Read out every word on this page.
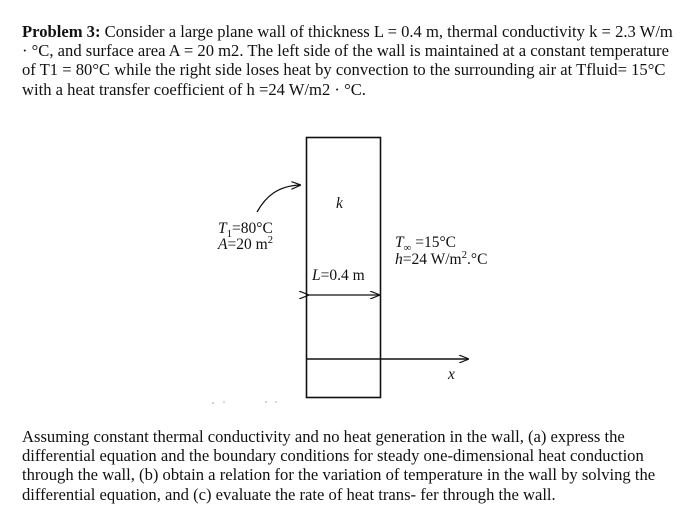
Problem 3: Consider a large plane wall of thickness L = 0.4 m, thermal conductivity k = 2.3 W/m · °C, and surface area A = 20 m2. The left side of the wall is maintained at a constant temperature of T1 = 80°C while the right side loses heat by convection to the surrounding air at Tfluid= 15°C with a heat transfer coefficient of h =24 W/m2 · °C.
k
$T_1=80^\circ C$
A=20 $m^2$	$T_\infty =15^\circ C$
h=24 $W/m^2.^\circ C$
L=0.4 m
x
Assuming constant thermal conductivity and no heat generation in the wall, (a) express the differential equation and the boundary conditions for steady one-dimensional heat conduction through the wall, (b) obtain a relation for the variation of temperature in the wall by solving the differential equation, and (c) evaluate the rate of heat trans- fer through the wall.
